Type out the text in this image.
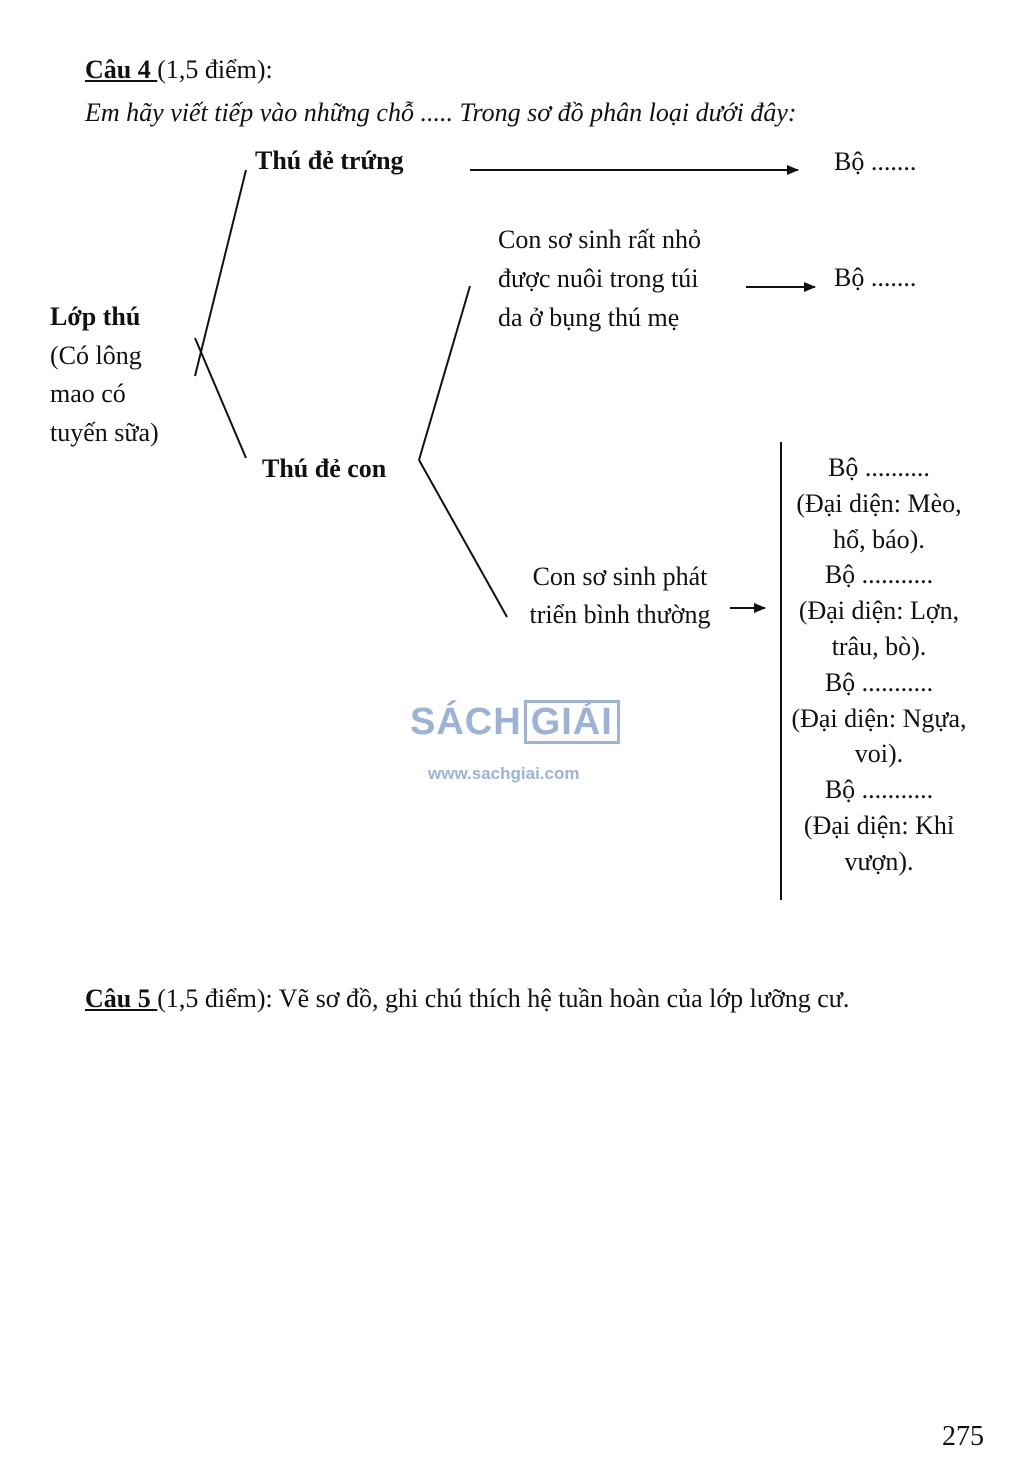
Câu 4 (1,5 điểm):
Em hãy viết tiếp vào những chỗ ..... Trong sơ đồ phân loại dưới đây:
Lớp thú
(Có lông
mao có
tuyến sữa)
Thú đẻ trứng	Bộ .......
Con sơ sinh rất nhỏ
được nuôi trong túi
da ở bụng thú mẹ
Bộ .......
Thú đẻ con
Con sơ sinh phát
triển bình thường
Bộ ..........
(Đại diện: Mèo,
hổ, báo).
Bộ ...........
(Đại diện: Lợn,
trâu, bò).
Bộ ...........
(Đại diện: Ngựa,
voi).
Bộ ...........
(Đại diện: Khỉ
vượn).
SÁCH GIẢI
www.sachgiai.com
Câu 5 (1,5 điểm): Vẽ sơ đồ, ghi chú thích hệ tuần hoàn của lớp lưỡng cư.
275
